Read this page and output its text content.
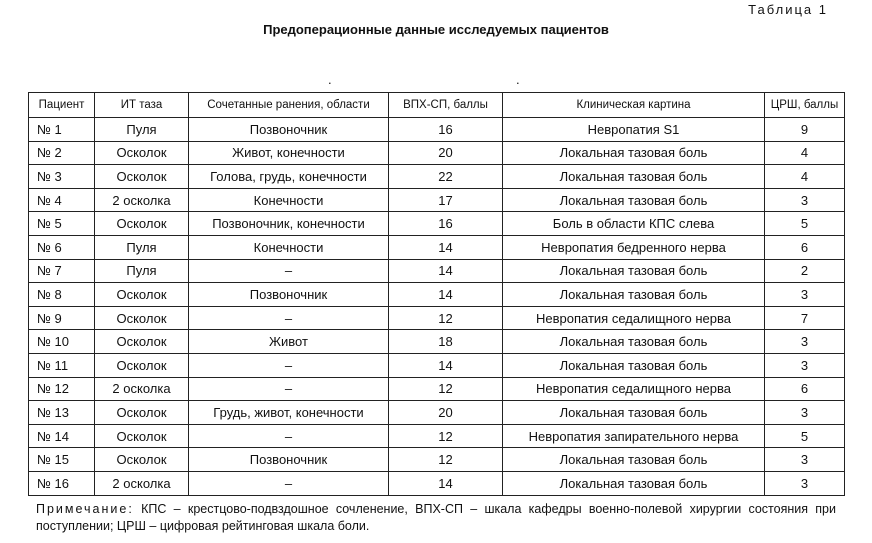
Таблица 1
Предоперационные данные исследуемых пациентов
.	.
Пациент	ИТ таза	Сочетанные ранения, области	ВПХ-СП, баллы	Клиническая картина	ЦРШ, баллы
№ 1	Пуля	Позвоночник	16	Невропатия S1	9
№ 2	Осколок	Живот, конечности	20	Локальная тазовая боль	4
№ 3	Осколок	Голова, грудь, конечности	22	Локальная тазовая боль	4
№ 4	2 осколка	Конечности	17	Локальная тазовая боль	3
№ 5	Осколок	Позвоночник, конечности	16	Боль в области КПС слева	5
№ 6	Пуля	Конечности	14	Невропатия бедренного нерва	6
№ 7	Пуля	–	14	Локальная тазовая боль	2
№ 8	Осколок	Позвоночник	14	Локальная тазовая боль	3
№ 9	Осколок	–	12	Невропатия седалищного нерва	7
№ 10	Осколок	Живот	18	Локальная тазовая боль	3
№ 11	Осколок	–	14	Локальная тазовая боль	3
№ 12	2 осколка	–	12	Невропатия седалищного нерва	6
№ 13	Осколок	Грудь, живот, конечности	20	Локальная тазовая боль	3
№ 14	Осколок	–	12	Невропатия запирательного нерва	5
№ 15	Осколок	Позвоночник	12	Локальная тазовая боль	3
№ 16	2 осколка	–	14	Локальная тазовая боль	3
Примечание: КПС – крестцово-подвздошное сочленение, ВПХ-СП – шкала кафедры военно-полевой хирургии состояния при поступлении; ЦРШ – цифровая рейтинговая шкала боли.
